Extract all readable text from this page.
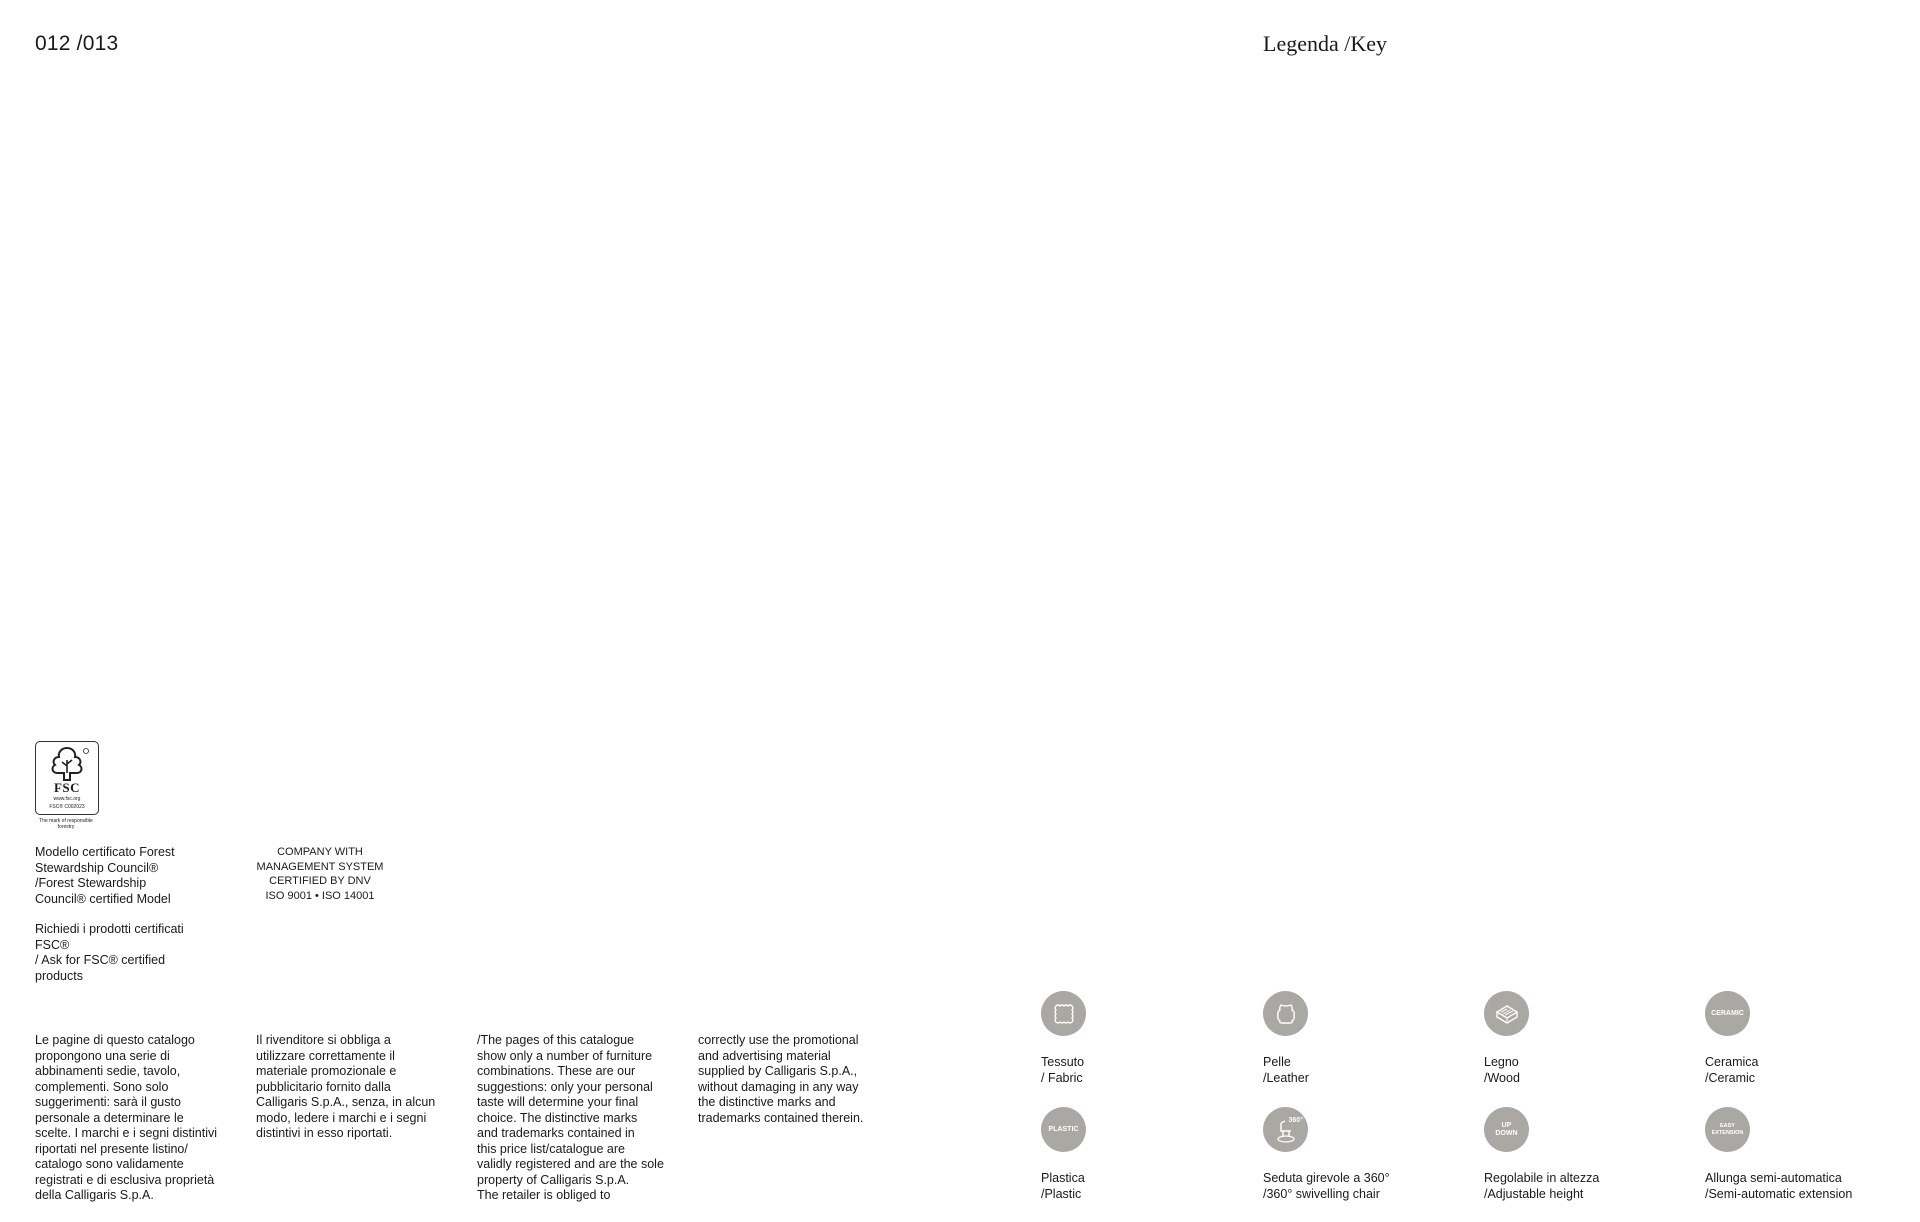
012 /013	Legenda /Key
FSC
www.fsc.org
FSC® C002023
The mark of responsible forestry
Modello certificato Forest
Stewardship Council®
/Forest Stewardship
Council® certified Model
Richiedi i prodotti certificati
FSC®
/ Ask for FSC® certified
products
COMPANY WITH
MANAGEMENT SYSTEM
CERTIFIED BY DNV
ISO 9001 • ISO 14001
Le pagine di questo catalogo
propongono una serie di
abbinamenti sedie, tavolo,
complementi. Sono solo
suggerimenti: sarà il gusto
personale a determinare le
scelte. I marchi e i segni distintivi
riportati nel presente listino/
catalogo sono validamente
registrati e di esclusiva proprietà
della Calligaris S.p.A.
Il rivenditore si obbliga a
utilizzare correttamente il
materiale promozionale e
pubblicitario fornito dalla
Calligaris S.p.A., senza, in alcun
modo, ledere i marchi e i segni
distintivi in esso riportati.
/The pages of this catalogue
show only a number of furniture
combinations. These are our
suggestions: only your personal
taste will determine your final
choice. The distinctive marks
and trademarks contained in
this price list/catalogue are
validly registered and are the sole
property of Calligaris S.p.A.
The retailer is obliged to
correctly use the promotional
and advertising material
supplied by Calligaris S.p.A.,
without damaging in any way
the distinctive marks and
trademarks contained therein.
Tessuto
/ Fabric
Pelle
/Leather
Legno
/Wood
CERAMIC
Ceramica
/Ceramic
PLASTIC
Plastica
/Plastic
360°
Seduta girevole a 360°
/360° swivelling chair
UP DOWN
Regolabile in altezza
/Adjustable height
EASY EXTENSION
Allunga semi-automatica
/Semi-automatic extension
